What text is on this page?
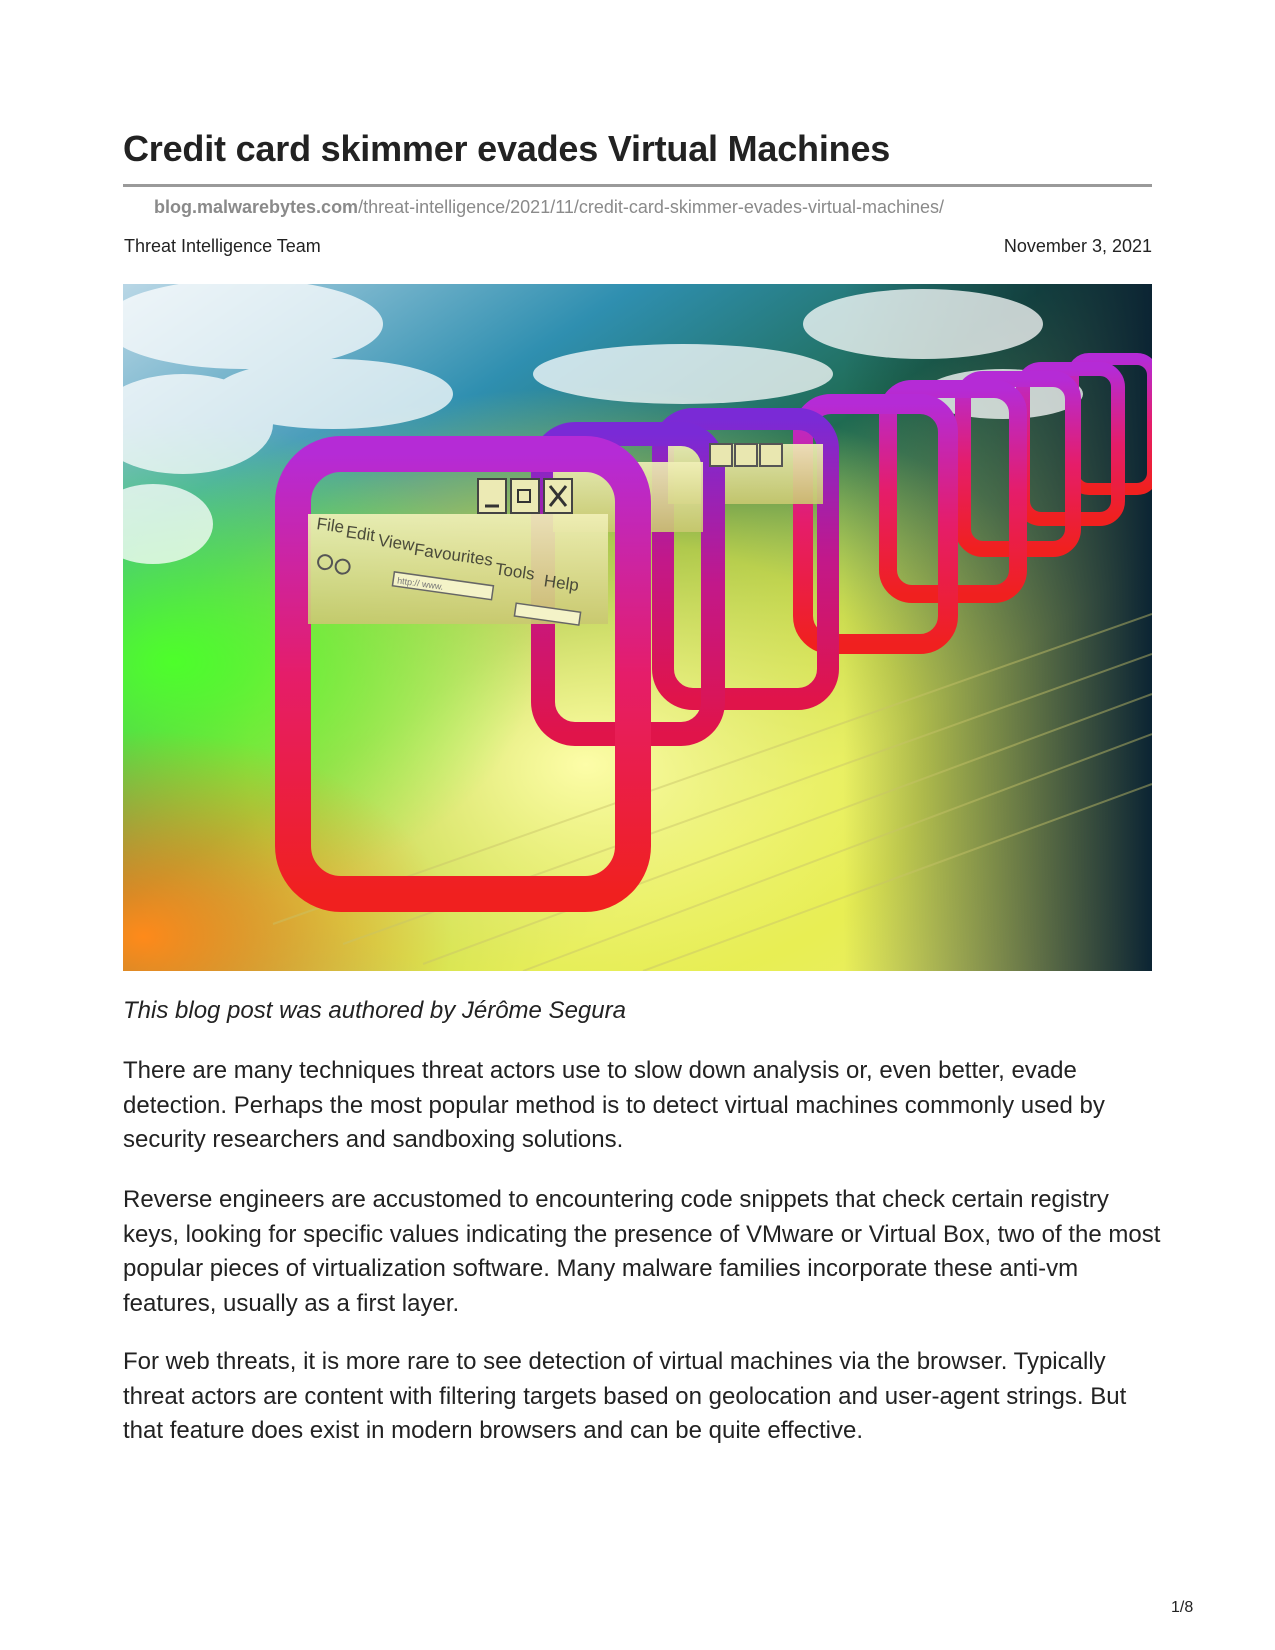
Credit card skimmer evades Virtual Machines
blog.malwarebytes.com/threat-intelligence/2021/11/credit-card-skimmer-evades-virtual-machines/
Threat Intelligence Team	November 3, 2021
File Edit View
Favourites
Tools Help
http:// www.
This blog post was authored by Jérôme Segura

There are many techniques threat actors use to slow down analysis or, even better, evade detection. Perhaps the most popular method is to detect virtual machines commonly used by security researchers and sandboxing solutions.

Reverse engineers are accustomed to encountering code snippets that check certain registry keys, looking for specific values indicating the presence of VMware or Virtual Box, two of the most popular pieces of virtualization software. Many malware families incorporate these anti-vm features, usually as a first layer.

For web threats, it is more rare to see detection of virtual machines via the browser. Typically threat actors are content with filtering targets based on geolocation and user-agent strings. But that feature does exist in modern browsers and can be quite effective.

1/8
